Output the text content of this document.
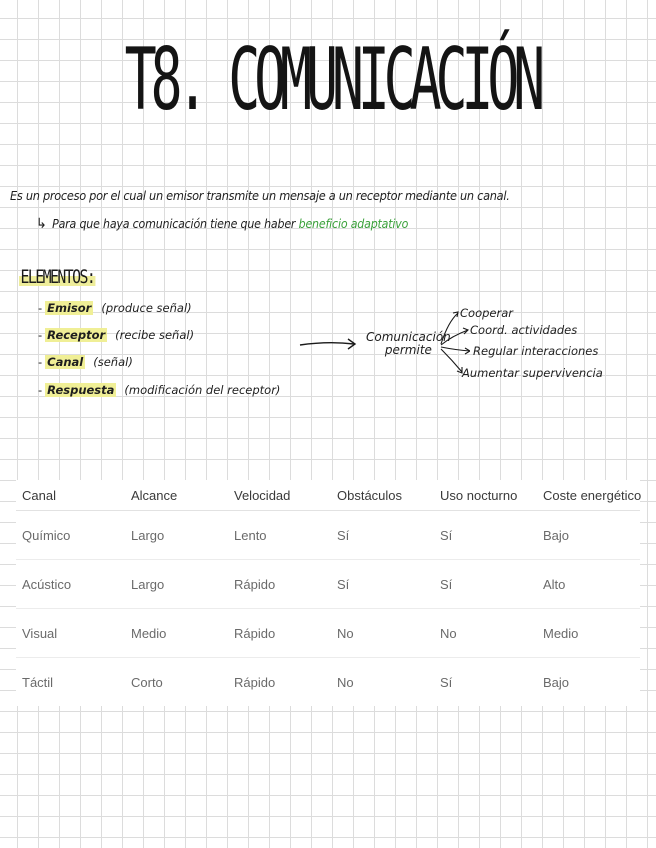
T8. COMUNICACIÓN
Es un proceso por el cual un emisor transmite un mensaje a un receptor mediante un canal.
↳ Para que haya comunicación tiene que haber beneficio adaptativo
ELEMENTOS:
- Emisor (produce señal)
- Receptor (recibe señal)
- Canal (señal)
- Respuesta (modificación del receptor)
Comunicación
permite
Cooperar
Coord. actividades
Regular interacciones
Aumentar supervivencia
Canal	Alcance	Velocidad	Obstáculos	Uso nocturno	Coste energético
Químico	Largo	Lento	Sí	Sí	Bajo
Acústico	Largo	Rápido	Sí	Sí	Alto
Visual	Medio	Rápido	No	No	Medio
Táctil	Corto	Rápido	No	Sí	Bajo
